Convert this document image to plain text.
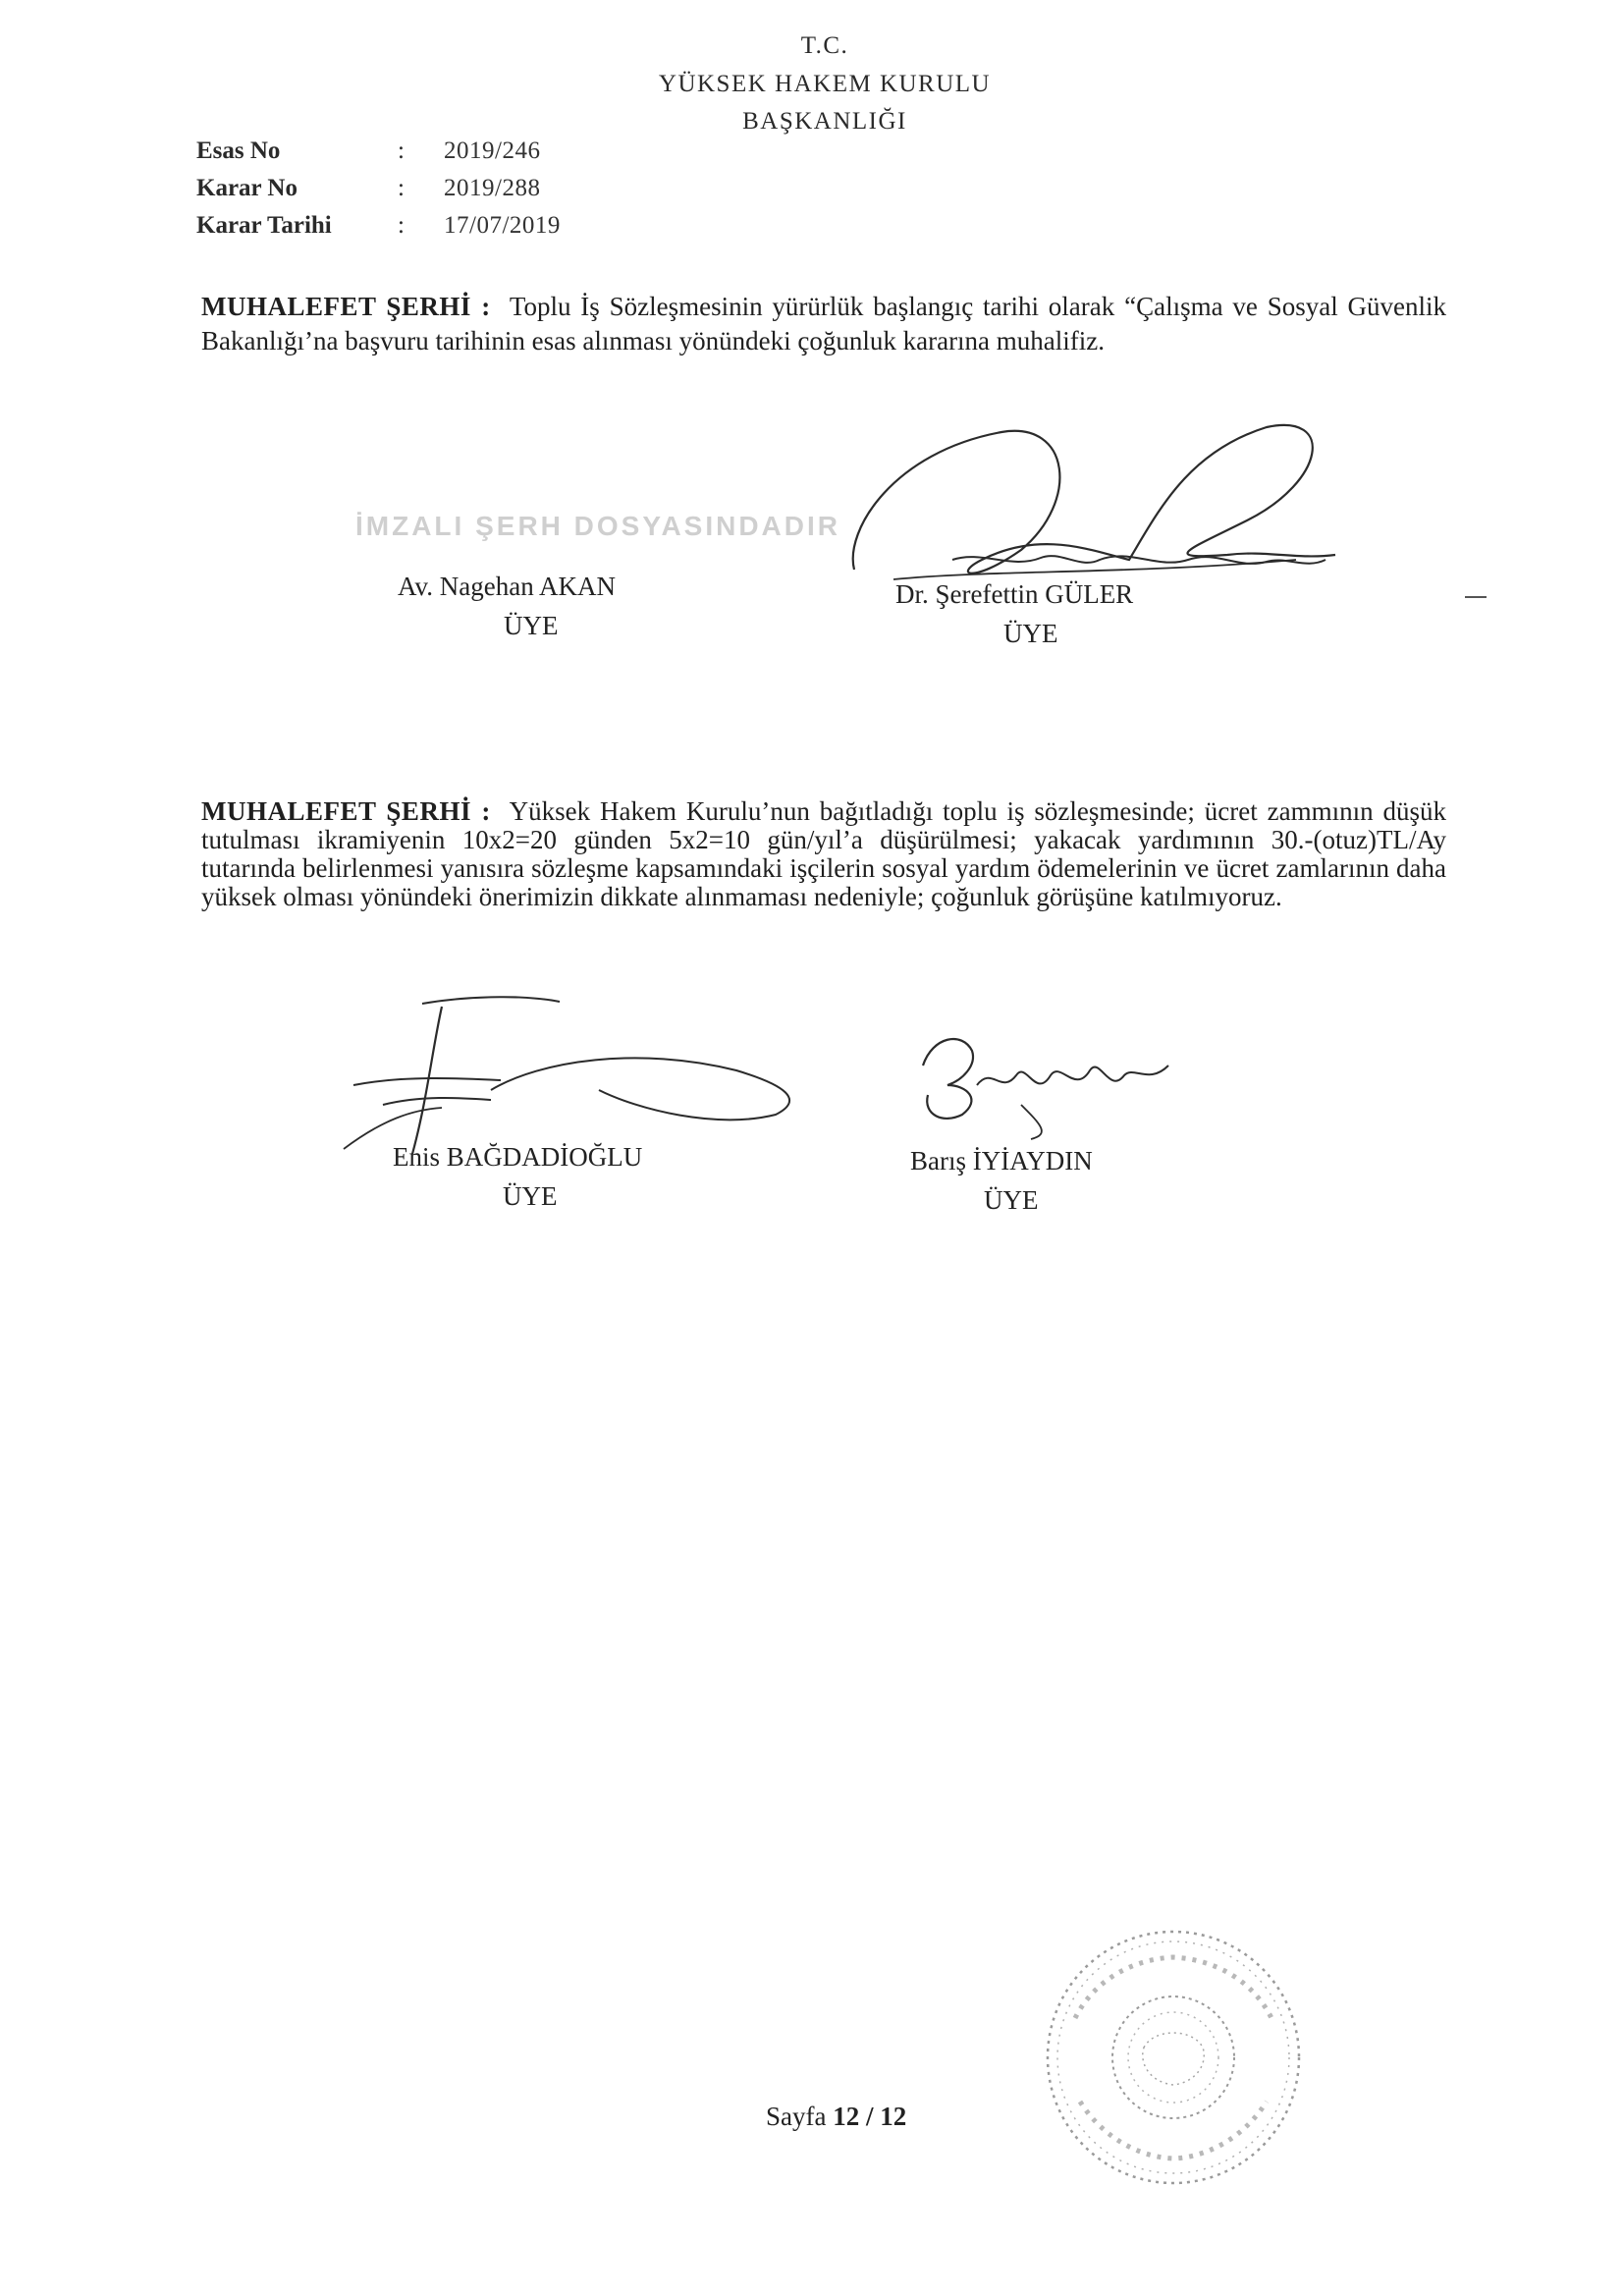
T.C.
YÜKSEK HAKEM KURULU
BAŞKANLIĞI
Esas No	: 2019/246
Karar No	: 2019/288
Karar Tarihi	: 17/07/2019
MUHALEFET ŞERHİ : Toplu İş Sözleşmesinin yürürlük başlangıç tarihi olarak “Çalışma ve Sosyal Güvenlik Bakanlığı’na başvuru tarihinin esas alınması yönündeki çoğunluk kararına muhalifiz.
İMZALI ŞERH DOSYASINDADIR
Av. Nagehan AKAN
ÜYE
Dr. Şerefettin GÜLER
ÜYE
MUHALEFET ŞERHİ : Yüksek Hakem Kurulu’nun bağıtladığı toplu iş sözleşmesinde; ücret zammının düşük tutulması ikramiyenin 10x2=20 günden 5x2=10 gün/yıl’a düşürülmesi; yakacak yardımının 30.-(otuz)TL/Ay tutarında belirlenmesi yanısıra sözleşme kapsamındaki işçilerin sosyal yardım ödemelerinin ve ücret zamlarının daha yüksek olması yönündeki önerimizin dikkate alınmaması nedeniyle; çoğunluk görüşüne katılmıyoruz.
Enis BAĞDADİOĞLU
ÜYE
Barış İYİAYDIN
ÜYE
Sayfa 12 / 12
